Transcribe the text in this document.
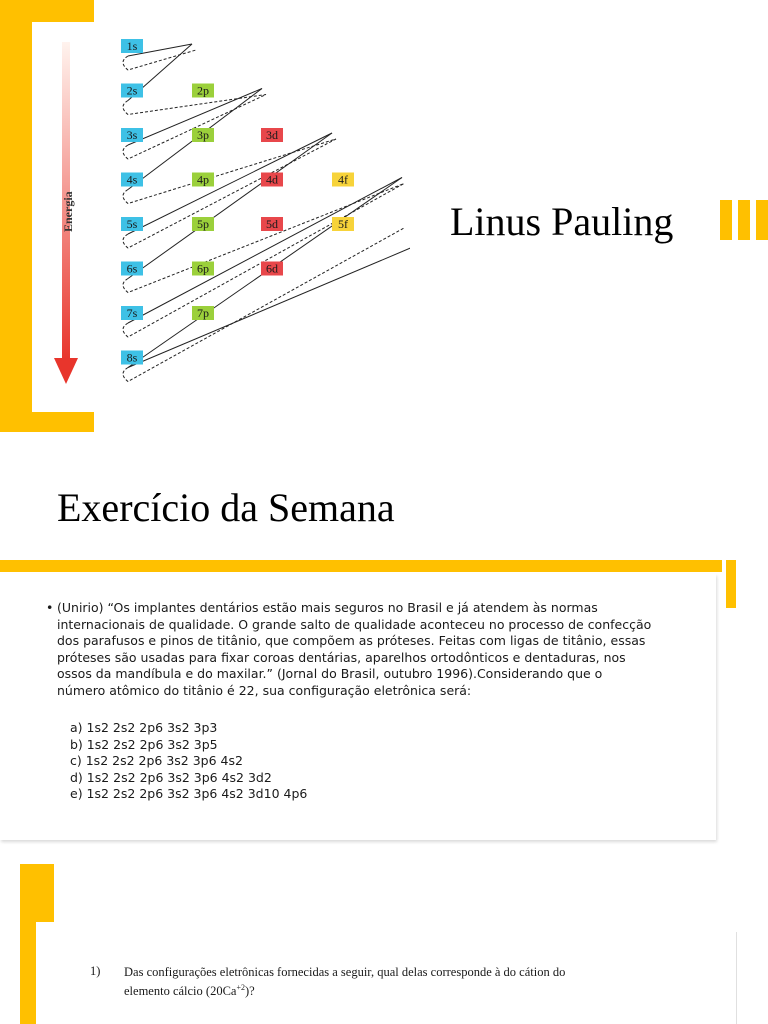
Energia
1s
2s	2p
3s	3p	3d
4s	4p	4d	4f
5s	5p	5d	5f
6s	6p	6d
7s	7p
8s
Linus Pauling
Exercício da Semana
• (Unirio) “Os implantes dentários estão mais seguros no Brasil e já atendem às normas
internacionais de qualidade. O grande salto de qualidade aconteceu no processo de confecção
dos parafusos e pinos de titânio, que compõem as próteses. Feitas com ligas de titânio, essas
próteses são usadas para fixar coroas dentárias, aparelhos ortodônticos e dentaduras, nos
ossos da mandíbula e do maxilar.” (Jornal do Brasil, outubro 1996).Considerando que o
número atômico do titânio é 22, sua configuração eletrônica será:
a) 1s2 2s2 2p6 3s2 3p3
b) 1s2 2s2 2p6 3s2 3p5
c) 1s2 2s2 2p6 3s2 3p6 4s2
d) 1s2 2s2 2p6 3s2 3p6 4s2 3d2
e) 1s2 2s2 2p6 3s2 3p6 4s2 3d10 4p6
1) Das configurações eletrônicas fornecidas a seguir, qual delas corresponde à do cátion do
elemento cálcio $(20Ca^{+2})$?
